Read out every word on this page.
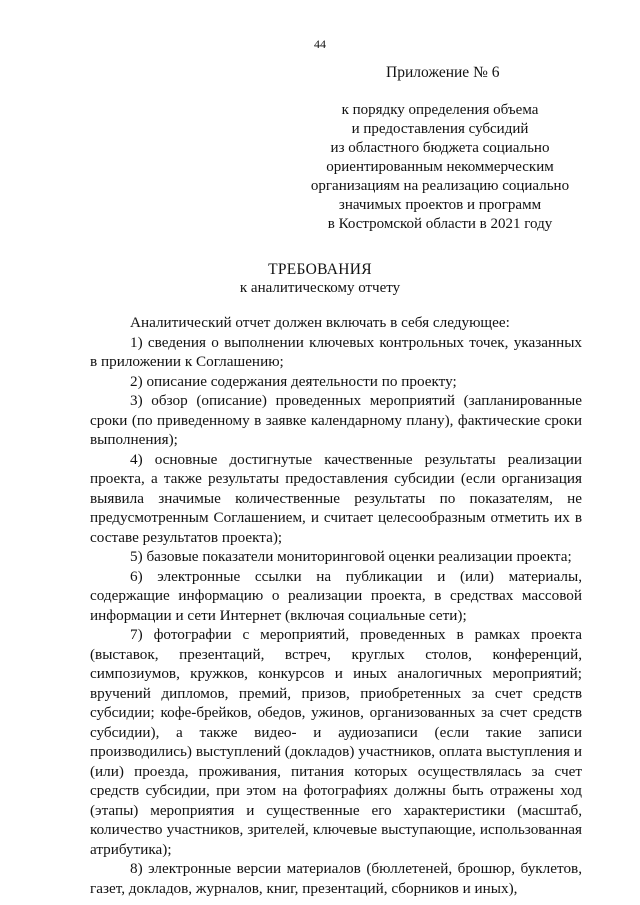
44
Приложение № 6
к порядку определения объема
и предоставления субсидий
из областного бюджета социально
ориентированным некоммерческим
организациям на реализацию социально
значимых проектов и программ
в Костромской области в 2021 году
ТРЕБОВАНИЯ
к аналитическому отчету

Аналитический отчет должен включать в себя следующее:

1) сведения о выполнении ключевых контрольных точек, указанных в приложении к Соглашению;

2) описание содержания деятельности по проекту;

3) обзор (описание) проведенных мероприятий (запланированные сроки (по приведенному в заявке календарному плану), фактические сроки выполнения);

4) основные достигнутые качественные результаты реализации проекта, а также результаты предоставления субсидии (если организация выявила значимые количественные результаты по показателям, не предусмотренным Соглашением, и считает целесообразным отметить их в составе результатов проекта);

5) базовые показатели мониторинговой оценки реализации проекта;

6) электронные ссылки на публикации и (или) материалы, содержащие информацию о реализации проекта, в средствах массовой информации и сети Интернет (включая социальные сети);

7) фотографии с мероприятий, проведенных в рамках проекта (выставок, презентаций, встреч, круглых столов, конференций, симпозиумов, кружков, конкурсов и иных аналогичных мероприятий; вручений дипломов, премий, призов, приобретенных за счет средств субсидии; кофе-брейков, обедов, ужинов, организованных за счет средств субсидии), а также видео- и аудиозаписи (если такие записи производились) выступлений (докладов) участников, оплата выступления и (или) проезда, проживания, питания которых осуществлялась за счет средств субсидии, при этом на фотографиях должны быть отражены ход (этапы) мероприятия и существенные его характеристики (масштаб, количество участников, зрителей, ключевые выступающие, использованная атрибутика);

8) электронные версии материалов (бюллетеней, брошюр, буклетов, газет, докладов, журналов, книг, презентаций, сборников и иных),
